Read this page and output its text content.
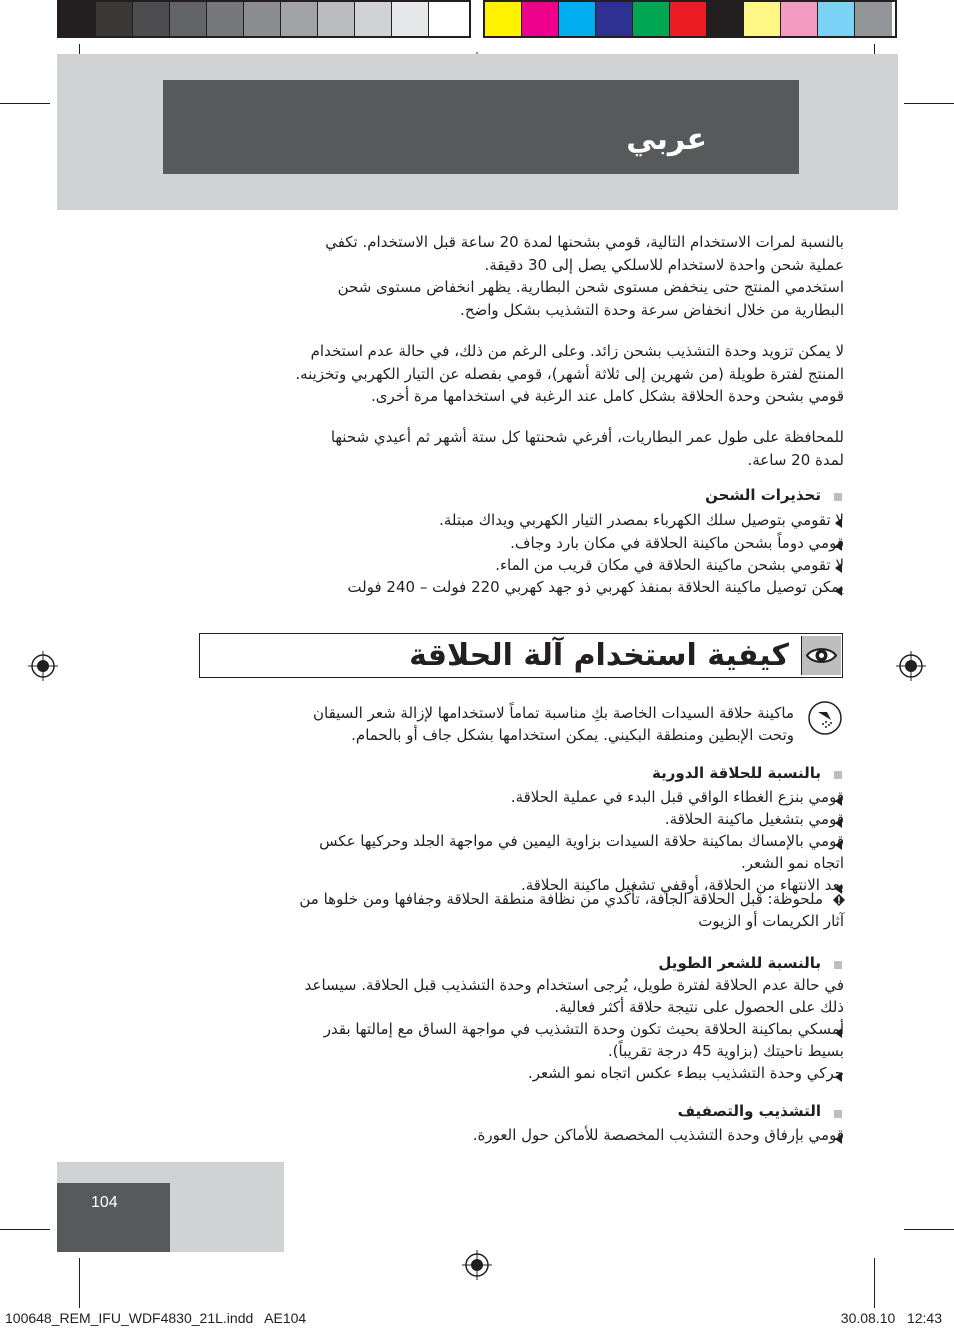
عربي
بالنسبة لمرات الاستخدام التالية، قومي بشحنها لمدة 20 ساعة قبل الاستخدام. تكفي
عملية شحن واحدة لاستخدام للاسلكي يصل إلى 30 دقيقة.
استخدمي المنتج حتى ينخفض مستوى شحن البطارية. يظهر انخفاض مستوى شحن
البطارية من خلال انخفاض سرعة وحدة التشذيب بشكل واضح.
لا يمكن تزويد وحدة التشذيب بشحن زائد. وعلى الرغم من ذلك، في حالة عدم استخدام
المنتج لفترة طويلة (من شهرين إلى ثلاثة أشهر)، قومي بفصله عن التيار الكهربي وتخزينه.
قومي بشحن وحدة الحلاقة بشكل كامل عند الرغبة في استخدامها مرة أخرى.
للمحافظة على طول عمر البطاريات، أفرغي شحنتها كل ستة أشهر ثم أعيدي شحنها
لمدة 20 ساعة.
تحذيرات الشحن
لا تقومي بتوصيل سلك الكهرباء بمصدر التيار الكهربي ويداك مبتلة.
قومي دوماً بشحن ماكينة الحلاقة في مكان بارد وجاف.
لا تقومي بشحن ماكينة الحلاقة في مكان قريب من الماء.
يمكن توصيل ماكينة الحلاقة بمنفذ كهربي ذو جهد كهربي 220 فولت – 240 فولت
كيفية استخدام آلة الحلاقة
ماكينة حلاقة السيدات الخاصة بكِ مناسبة تماماً لاستخدامها لإزالة شعر السيقان
وتحت الإبطين ومنطقة البكيني. يمكن استخدامها بشكل جاف أو بالحمام.
بالنسبة للحلاقة الدورية
قومي بنزع الغطاء الواقي قبل البدء في عملية الحلاقة.
قومي بتشغيل ماكينة الحلاقة.
قومي بالإمساك بماكينة حلاقة السيدات بزاوية اليمين في مواجهة الجلد وحركيها عكس
اتجاه نمو الشعر.
بعد الانتهاء من الحلاقة، أوقفي تشغيل ماكينة الحلاقة.
ملحوظة: قبل الحلاقة الجافة، تأكدي من نظافة منطقة الحلاقة وجفافها ومن خلوها من
آثار الكريمات أو الزيوت
بالنسبة للشعر الطويل
في حالة عدم الحلاقة لفترة طويل، يُرجى استخدام وحدة التشذيب قبل الحلاقة. سيساعد
ذلك على الحصول على نتيجة حلاقة أكثر فعالية.
أمسكي بماكينة الحلاقة بحيث تكون وحدة التشذيب في مواجهة الساق مع إمالتها بقدر
بسيط ناحيتك (بزاوية 45 درجة تقريباً).
حركي وحدة التشذيب ببطء عكس اتجاه نمو الشعر.
التشذيب والتصفيف
قومي بإرفاق وحدة التشذيب المخصصة للأماكن حول العورة.
104
100648_REM_IFU_WDF4830_21L.indd   AE104	30.08.10   12:43
